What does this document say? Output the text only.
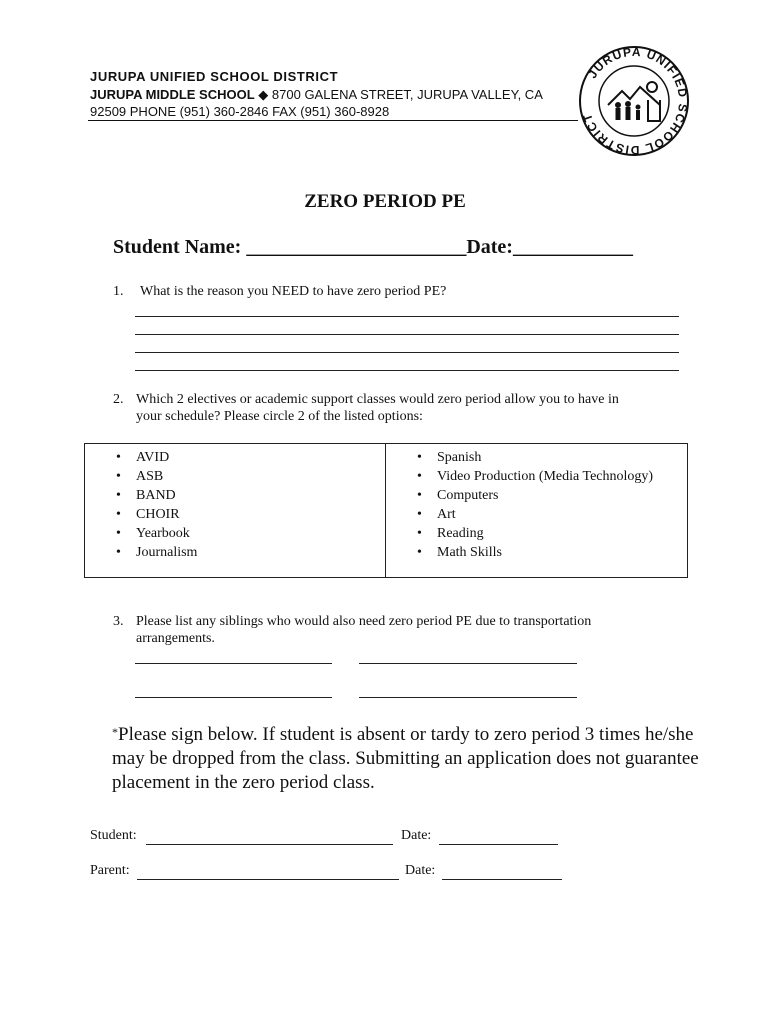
JURUPA UNIFIED SCHOOL DISTRICT
JURUPA MIDDLE SCHOOL ◆ 8700 GALENA STREET, JURUPA VALLEY, CA
92509 PHONE (951) 360-2846 FAX (951) 360-8928
JURUPA UNIFIED SCHOOL DISTRICT
ZERO PERIOD PE
Student Name: ______________________Date:____________
1. What is the reason you NEED to have zero period PE?
2. Which 2 electives or academic support classes would zero period allow you to have in
your schedule? Please circle 2 of the listed options:
• AVID
• ASB
• BAND
• CHOIR
• Yearbook
• Journalism
• Spanish
• Video Production (Media Technology)
• Computers
• Art
• Reading
• Math Skills
3. Please list any siblings who would also need zero period PE due to transportation
arrangements.
*Please sign below. If student is absent or tardy to zero period 3 times he/she may be dropped from the class. Submitting an application does not guarantee placement in the zero period class.
Student:	Date:
Parent:	Date:
